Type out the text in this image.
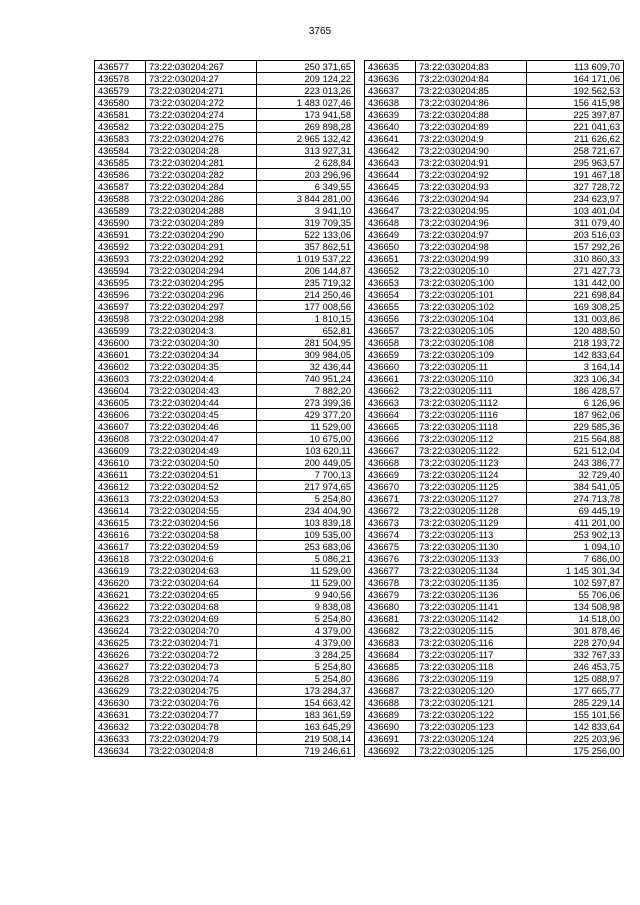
3765
436577	73:22:030204:267	250 371,65
436578	73:22:030204:27	209 124,22
436579	73:22:030204:271	223 013,26
436580	73:22:030204:272	1 483 027,46
436581	73:22:030204:274	173 941,58
436582	73:22:030204:275	269 898,28
436583	73:22:030204:276	2 965 132,42
436584	73:22:030204:28	313 927,31
436585	73:22:030204:281	2 628,84
436586	73:22:030204:282	203 296,96
436587	73:22:030204:284	6 349,55
436588	73:22:030204:286	3 844 281,00
436589	73:22:030204:288	3 941,10
436590	73:22:030204:289	319 709,35
436591	73:22:030204:290	522 133,06
436592	73:22:030204:291	357 862,51
436593	73:22:030204:292	1 019 537,22
436594	73:22:030204:294	206 144,87
436595	73:22:030204:295	235 719,32
436596	73:22:030204:296	214 250,46
436597	73:22:030204:297	177 008,56
436598	73:22:030204:298	1 810,15
436599	73:22:030204:3	652,81
436600	73:22:030204:30	281 504,95
436601	73:22:030204:34	309 984,05
436602	73:22:030204:35	32 436,44
436603	73:22:030204:4	740 951,24
436604	73:22:030204:43	7 882,20
436605	73:22:030204:44	273 399,36
436606	73:22:030204:45	429 377,20
436607	73:22:030204:46	11 529,00
436608	73:22:030204:47	10 675,00
436609	73:22:030204:49	103 620,11
436610	73:22:030204:50	200 449,05
436611	73:22:030204:51	7 700,13
436612	73:22:030204:52	217 974,65
436613	73:22:030204:53	5 254,80
436614	73:22:030204:55	234 404,90
436615	73:22:030204:56	103 839,18
436616	73:22:030204:58	109 535,00
436617	73:22:030204:59	253 683,06
436618	73:22:030204:6	5 086,21
436619	73:22:030204:63	11 529,00
436620	73:22:030204:64	11 529,00
436621	73:22:030204:65	9 940,56
436622	73:22:030204:68	9 838,08
436623	73:22:030204:69	5 254,80
436624	73:22:030204:70	4 379,00
436625	73:22:030204:71	4 379,00
436626	73:22:030204:72	3 284,25
436627	73:22:030204:73	5 254,80
436628	73:22:030204:74	5 254,80
436629	73:22:030204:75	173 284,37
436630	73:22:030204:76	154 663,42
436631	73:22:030204:77	183 361,59
436632	73:22:030204:78	163 645,29
436633	73:22:030204:79	219 508,14
436634	73:22:030204:8	719 246,61
436635	73:22:030204:83	113 609,70
436636	73:22:030204:84	164 171,06
436637	73:22:030204:85	192 562,53
436638	73:22:030204:86	156 415,98
436639	73:22:030204:88	225 397,87
436640	73:22:030204:89	221 041,63
436641	73:22:030204:9	211 626,62
436642	73:22:030204:90	258 721,67
436643	73:22:030204:91	295 963,57
436644	73:22:030204:92	191 467,18
436645	73:22:030204:93	327 728,72
436646	73:22:030204:94	234 623,97
436647	73:22:030204:95	103 401,04
436648	73:22:030204:96	311 079,40
436649	73:22:030204:97	203 516,03
436650	73:22:030204:98	157 292,26
436651	73:22:030204:99	310 860,33
436652	73:22:030205:10	271 427,73
436653	73:22:030205:100	131 442,00
436654	73:22:030205:101	221 698,84
436655	73:22:030205:102	169 308,25
436656	73:22:030205:104	131 003,86
436657	73:22:030205:105	120 488,50
436658	73:22:030205:108	218 193,72
436659	73:22:030205:109	142 833,64
436660	73:22:030205:11	3 164,14
436661	73:22:030205:110	323 106,34
436662	73:22:030205:111	186 428,57
436663	73:22:030205:1112	6 126,96
436664	73:22:030205:1116	187 962,06
436665	73:22:030205:1118	229 585,36
436666	73:22:030205:112	215 564,88
436667	73:22:030205:1122	521 512,04
436668	73:22:030205:1123	243 386,77
436669	73:22:030205:1124	32 729,40
436670	73:22:030205:1125	384 541,05
436671	73:22:030205:1127	274 713,78
436672	73:22:030205:1128	69 445,19
436673	73:22:030205:1129	411 201,00
436674	73:22:030205:113	253 902,13
436675	73:22:030205:1130	1 094,10
436676	73:22:030205:1133	7 686,00
436677	73:22:030205:1134	1 145 301,34
436678	73:22:030205:1135	102 597,87
436679	73:22:030205:1136	55 706,06
436680	73:22:030205:1141	134 508,98
436681	73:22:030205:1142	14 518,00
436682	73:22:030205:115	301 878,46
436683	73:22:030205:116	228 270,94
436684	73:22:030205:117	332 767,33
436685	73:22:030205:118	246 453,75
436686	73:22:030205:119	125 088,97
436687	73:22:030205:120	177 665,77
436688	73:22:030205:121	285 229,14
436689	73:22:030205:122	155 101,56
436690	73:22:030205:123	142 833,64
436691	73:22:030205:124	225 203,96
436692	73:22:030205:125	175 256,00
